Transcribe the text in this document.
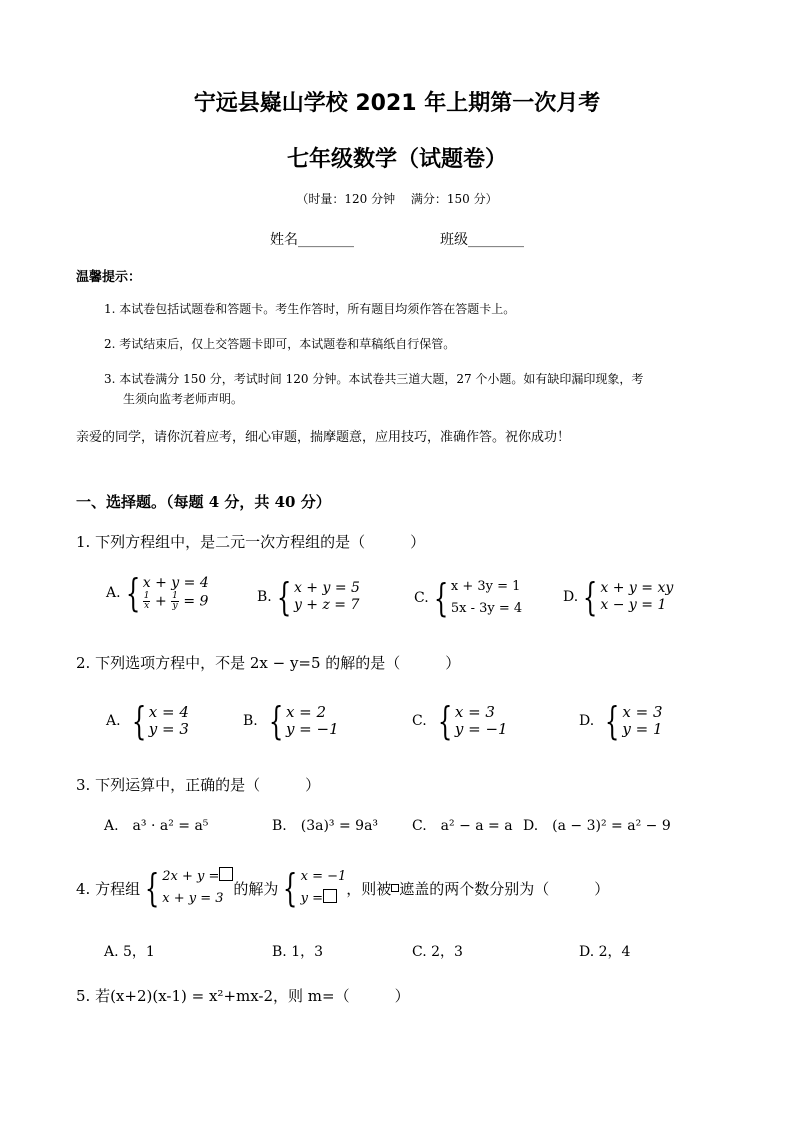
宁远县嶷山学校 2021 年上期第一次月考
七年级数学（试题卷）
（时量：120 分钟　 满分：150 分）
姓名________	班级________
温馨提示：
1. 本试卷包括试题卷和答题卡。考生作答时，所有题目均须作答在答题卡上。
2. 考试结束后，仅上交答题卡即可，本试题卷和草稿纸自行保管。
3. 本试卷满分 150 分，考试时间 120 分钟。本试卷共三道大题，27 个小题。如有缺印漏印现象，考
生须向监考老师声明。
亲爱的同学，请你沉着应考，细心审题，揣摩题意，应用技巧，准确作答。祝你成功！
一、选择题。（每题 4 分，共 40 分）
1. 下列方程组中，是二元一次方程组的是（　　　）
A. { x + y = 4
$\frac{1}{x} + \frac{1}{y} = 9$	B. { x + y = 5
y + z = 7	C. { x + 3y = 1
5x - 3y = 4
D. { x + y = xy
x − y = 1
2. 下列选项方程中，不是 2x − y=5 的解的是（　　　）
A. { x = 4
y = 3	B. { x = 2
y = −1	C. { x = 3
y = −1	D. { x = 3
y = 1
3. 下列运算中，正确的是（　　　）
A.　a³ · a² = a⁵	B.　(3a)³ = 9a³ C.　a² − a = a D.　(a − 3)² = a² − 9
4. 方程组 { 2x + y =
x + y = 3
的解为 { x = −1
y =
，则被 遮盖的两个数分别为（　　　）
A. 5，1	B. 1，3	C. 2，3	D. 2，4
5. 若(x+2)(x-1) = x²+mx-2，则 m=（　　　）
